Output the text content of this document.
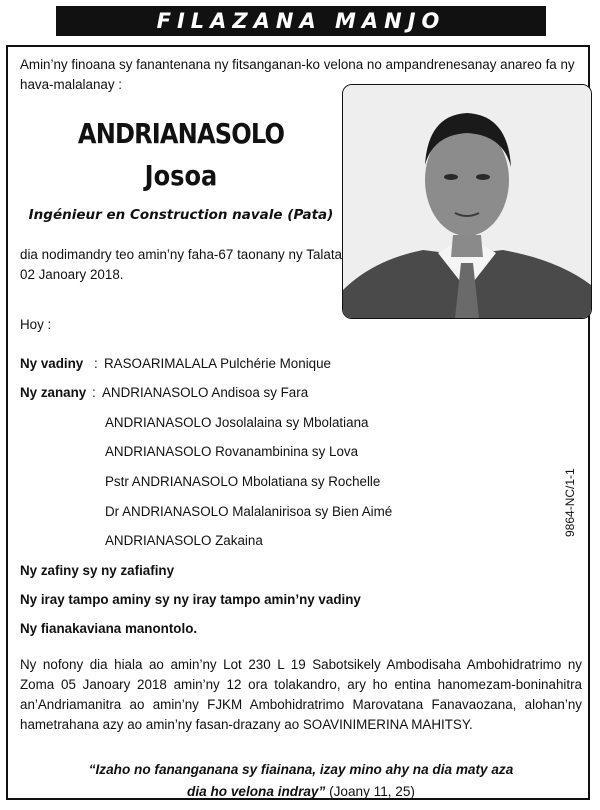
FILAZANA MANJO
Amin’ny finoana sy fanantenana ny fitsanganan-ko velona no ampandrenesanay anareo fa ny hava-malalanay :
ANDRIANASOLO
Josoa
Ingénieur en Construction navale (Pata)
dia nodimandry teo amin’ny faha-67 taonany ny Talata 02 Janoary 2018.
Hoy :
Ny vadiny : RASOARIMALALA Pulchérie Monique
Ny zanany : ANDRIANASOLO Andisoa sy Fara
ANDRIANASOLO Josolalaina sy Mbolatiana
ANDRIANASOLO Rovanambinina sy Lova
Pstr ANDRIANASOLO Mbolatiana sy Rochelle
Dr ANDRIANASOLO Malalanirisoa sy Bien Aimé
ANDRIANASOLO Zakaina
Ny zafiny sy ny zafiafiny
Ny iray tampo aminy sy ny iray tampo amin’ny vadiny
Ny fianakaviana manontolo.
Ny nofony dia hiala ao amin’ny Lot 230 L 19 Sabotsikely Ambodisaha Ambohidratrimo ny Zoma 05 Janoary 2018 amin’ny 12 ora tolakandro, ary ho entina hanomezam-boninahitra an’Andriamanitra ao amin’ny FJKM Ambohidratrimo Marovatana Fanavaozana, alohan’ny hametrahana azy ao amin’ny fasan-drazany ao SOAVINIMERINA MAHITSY.
“Izaho no fananganana sy fiainana, izay mino ahy na dia maty aza
dia ho velona indray” (Joany 11, 25)
9864-NC/1-1
